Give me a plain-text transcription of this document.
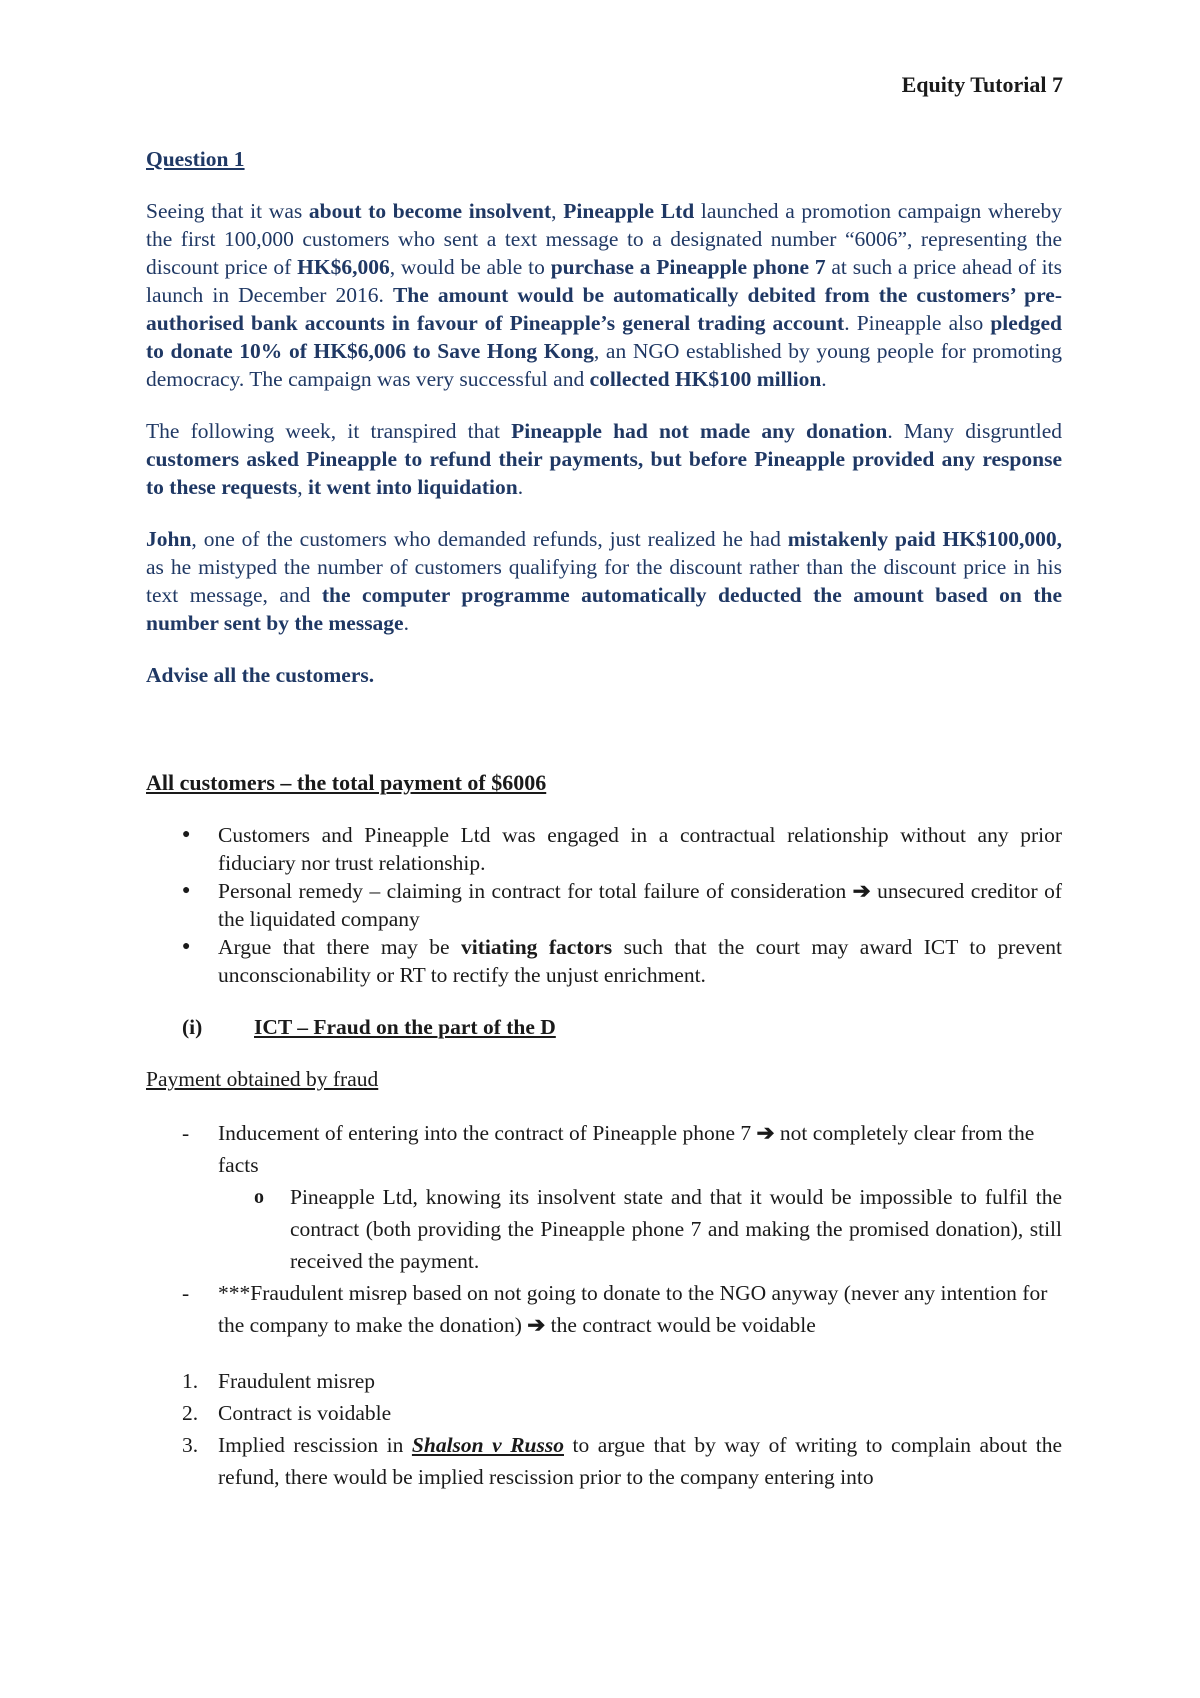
Equity Tutorial 7

Question 1

Seeing that it was about to become insolvent, Pineapple Ltd launched a promotion campaign whereby the first 100,000 customers who sent a text message to a designated number “6006”, representing the discount price of HK$6,006, would be able to purchase a Pineapple phone 7 at such a price ahead of its launch in December 2016. The amount would be automatically debited from the customers’ pre-authorised bank accounts in favour of Pineapple’s general trading account. Pineapple also pledged to donate 10% of HK$6,006 to Save Hong Kong, an NGO established by young people for promoting democracy. The campaign was very successful and collected HK$100 million.

The following week, it transpired that Pineapple had not made any donation. Many disgruntled customers asked Pineapple to refund their payments, but before Pineapple provided any response to these requests, it went into liquidation.

John, one of the customers who demanded refunds, just realized he had mistakenly paid HK$100,000, as he mistyped the number of customers qualifying for the discount rather than the discount price in his text message, and the computer programme automatically deducted the amount based on the number sent by the message.

Advise all the customers.

All customers – the total payment of $6006

● Customers and Pineapple Ltd was engaged in a contractual relationship without any prior fiduciary nor trust relationship.
● Personal remedy – claiming in contract for total failure of consideration ➔ unsecured creditor of the liquidated company
● Argue that there may be vitiating factors such that the court may award ICT to prevent unconscionability or RT to rectify the unjust enrichment.

(i) ICT – Fraud on the part of the D

Payment obtained by fraud

- Inducement of entering into the contract of Pineapple phone 7 ➔ not completely clear from the facts
o Pineapple Ltd, knowing its insolvent state and that it would be impossible to fulfil the contract (both providing the Pineapple phone 7 and making the promised donation), still received the payment.
- ***Fraudulent misrep based on not going to donate to the NGO anyway (never any intention for the company to make the donation) ➔ the contract would be voidable
1. Fraudulent misrep
2. Contract is voidable
3. Implied rescission in Shalson v Russo to argue that by way of writing to complain about the refund, there would be implied rescission prior to the company entering into
